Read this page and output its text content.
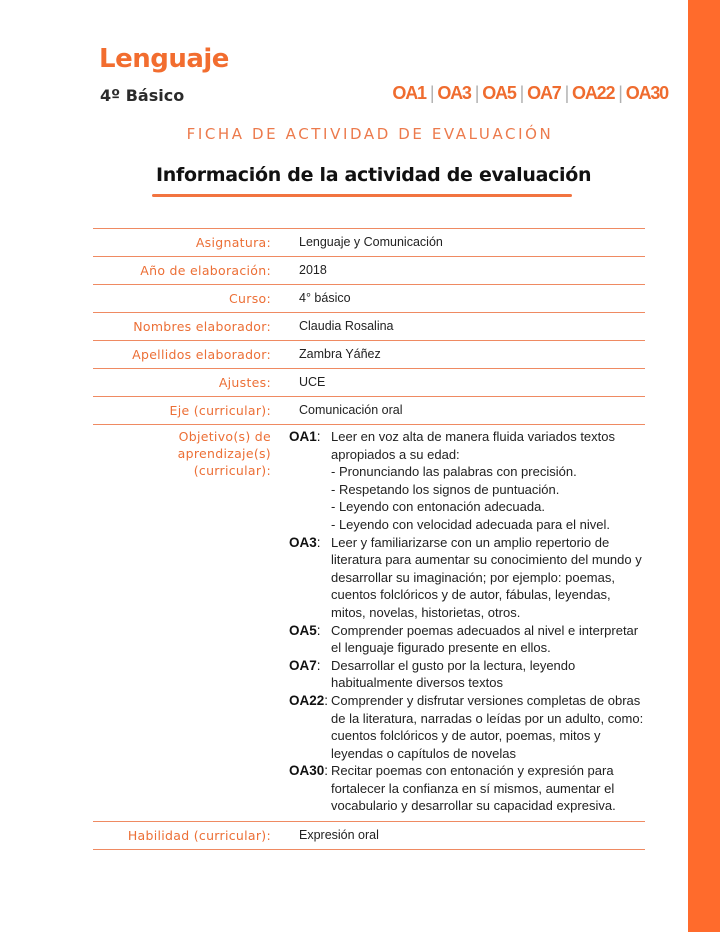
Lenguaje
4º Básico	OA1 | OA3 | OA5 | OA7 | OA22 | OA30
FICHA DE ACTIVIDAD DE EVALUACIÓN
Información de la actividad de evaluación
Asignatura:	Lenguaje y Comunicación
Año de elaboración:	2018
Curso:	4° básico
Nombres elaborador:	Claudia Rosalina
Apellidos elaborador:	Zambra Yáñez
Ajustes:	UCE
Eje (curricular):	Comunicación oral
Objetivo(s) de
aprendizaje(s)
(curricular):
OA1: Leer en voz alta de manera fluida variados textos apropiados a su edad:
- Pronunciando las palabras con precisión.
- Respetando los signos de puntuación.
- Leyendo con entonación adecuada.
- Leyendo con velocidad adecuada para el nivel.
OA3: Leer y familiarizarse con un amplio repertorio de literatura para aumentar su conocimiento del mundo y desarrollar su imaginación; por ejemplo: poemas, cuentos folclóricos y de autor, fábulas, leyendas, mitos, novelas, historietas, otros.
OA5: Comprender poemas adecuados al nivel e interpretar el lenguaje figurado presente en ellos.
OA7: Desarrollar el gusto por la lectura, leyendo habitualmente diversos textos
OA22: Comprender y disfrutar versiones completas de obras de la literatura, narradas o leídas por un adulto, como: cuentos folclóricos y de autor, poemas, mitos y leyendas o capítulos de novelas
OA30: Recitar poemas con entonación y expresión para fortalecer la confianza en sí mismos, aumentar el vocabulario y desarrollar su capacidad expresiva.
Habilidad (curricular):	Expresión oral
